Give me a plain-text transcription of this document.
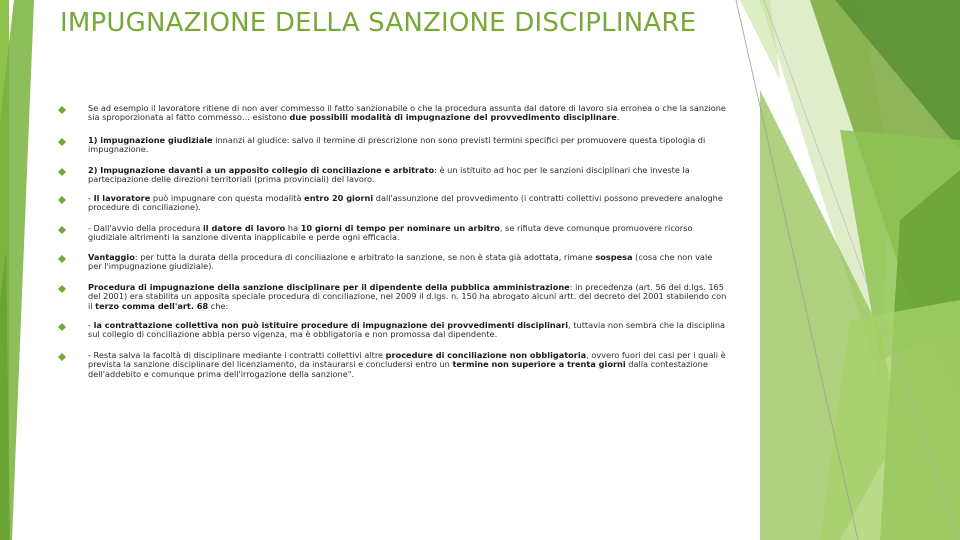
IMPUGNAZIONE DELLA SANZIONE DISCIPLINARE
Se ad esempio il lavoratore ritiene di non aver commesso il fatto sanzionabile o che la procedura assunta dal datore di lavoro sia erronea o che la sanzione sia sproporzionata al fatto commesso… esistono due possibili modalità di impugnazione del provvedimento disciplinare.
1) impugnazione giudiziale innanzi al giudice: salvo il termine di prescrizione non sono previsti termini specifici per promuovere questa tipologia di impugnazione.
2) Impugnazione davanti a un apposito collegio di conciliazione e arbitrato: è un istituito ad hoc per le sanzioni disciplinari che investe la partecipazione delle direzioni territoriali (prima provinciali) del lavoro.
- Il lavoratore può impugnare con questa modalità entro 20 giorni dall'assunzione del provvedimento (i contratti collettivi possono prevedere analoghe procedure di conciliazione).
- Dall'avvio della procedura il datore di lavoro ha 10 giorni di tempo per nominare un arbitro, se rifiuta deve comunque promuovere ricorso giudiziale altrimenti la sanzione diventa inapplicabile e perde ogni efficacia.
Vantaggio: per tutta la durata della procedura di conciliazione e arbitrato la sanzione, se non è stata già adottata, rimane sospesa (cosa che non vale per l'impugnazione giudiziale).
Procedura di impugnazione della sanzione disciplinare per il dipendente della pubblica amministrazione: in precedenza (art. 56 del d.lgs. 165 del 2001) era stabilita un apposita speciale procedura di conciliazione, nel 2009 il d.lgs. n. 150 ha abrogato alcuni artt. del decreto del 2001 stabilendo con il terzo comma dell'art. 68 che:
- la contrattazione collettiva non può istituire procedure di impugnazione dei provvedimenti disciplinari, tuttavia non sembra che la disciplina sul collegio di conciliazione abbia perso vigenza, ma è obbligatoria e non promossa dal dipendente.
- Resta salva la facoltà di disciplinare mediante i contratti collettivi altre procedure di conciliazione non obbligatoria, ovvero fuori dei casi per i quali è prevista la sanzione disciplinare del licenziamento, da instaurarsi e concludersi entro un termine non superiore a trenta giorni dalla contestazione dell'addebito e comunque prima dell'irrogazione della sanzione".
